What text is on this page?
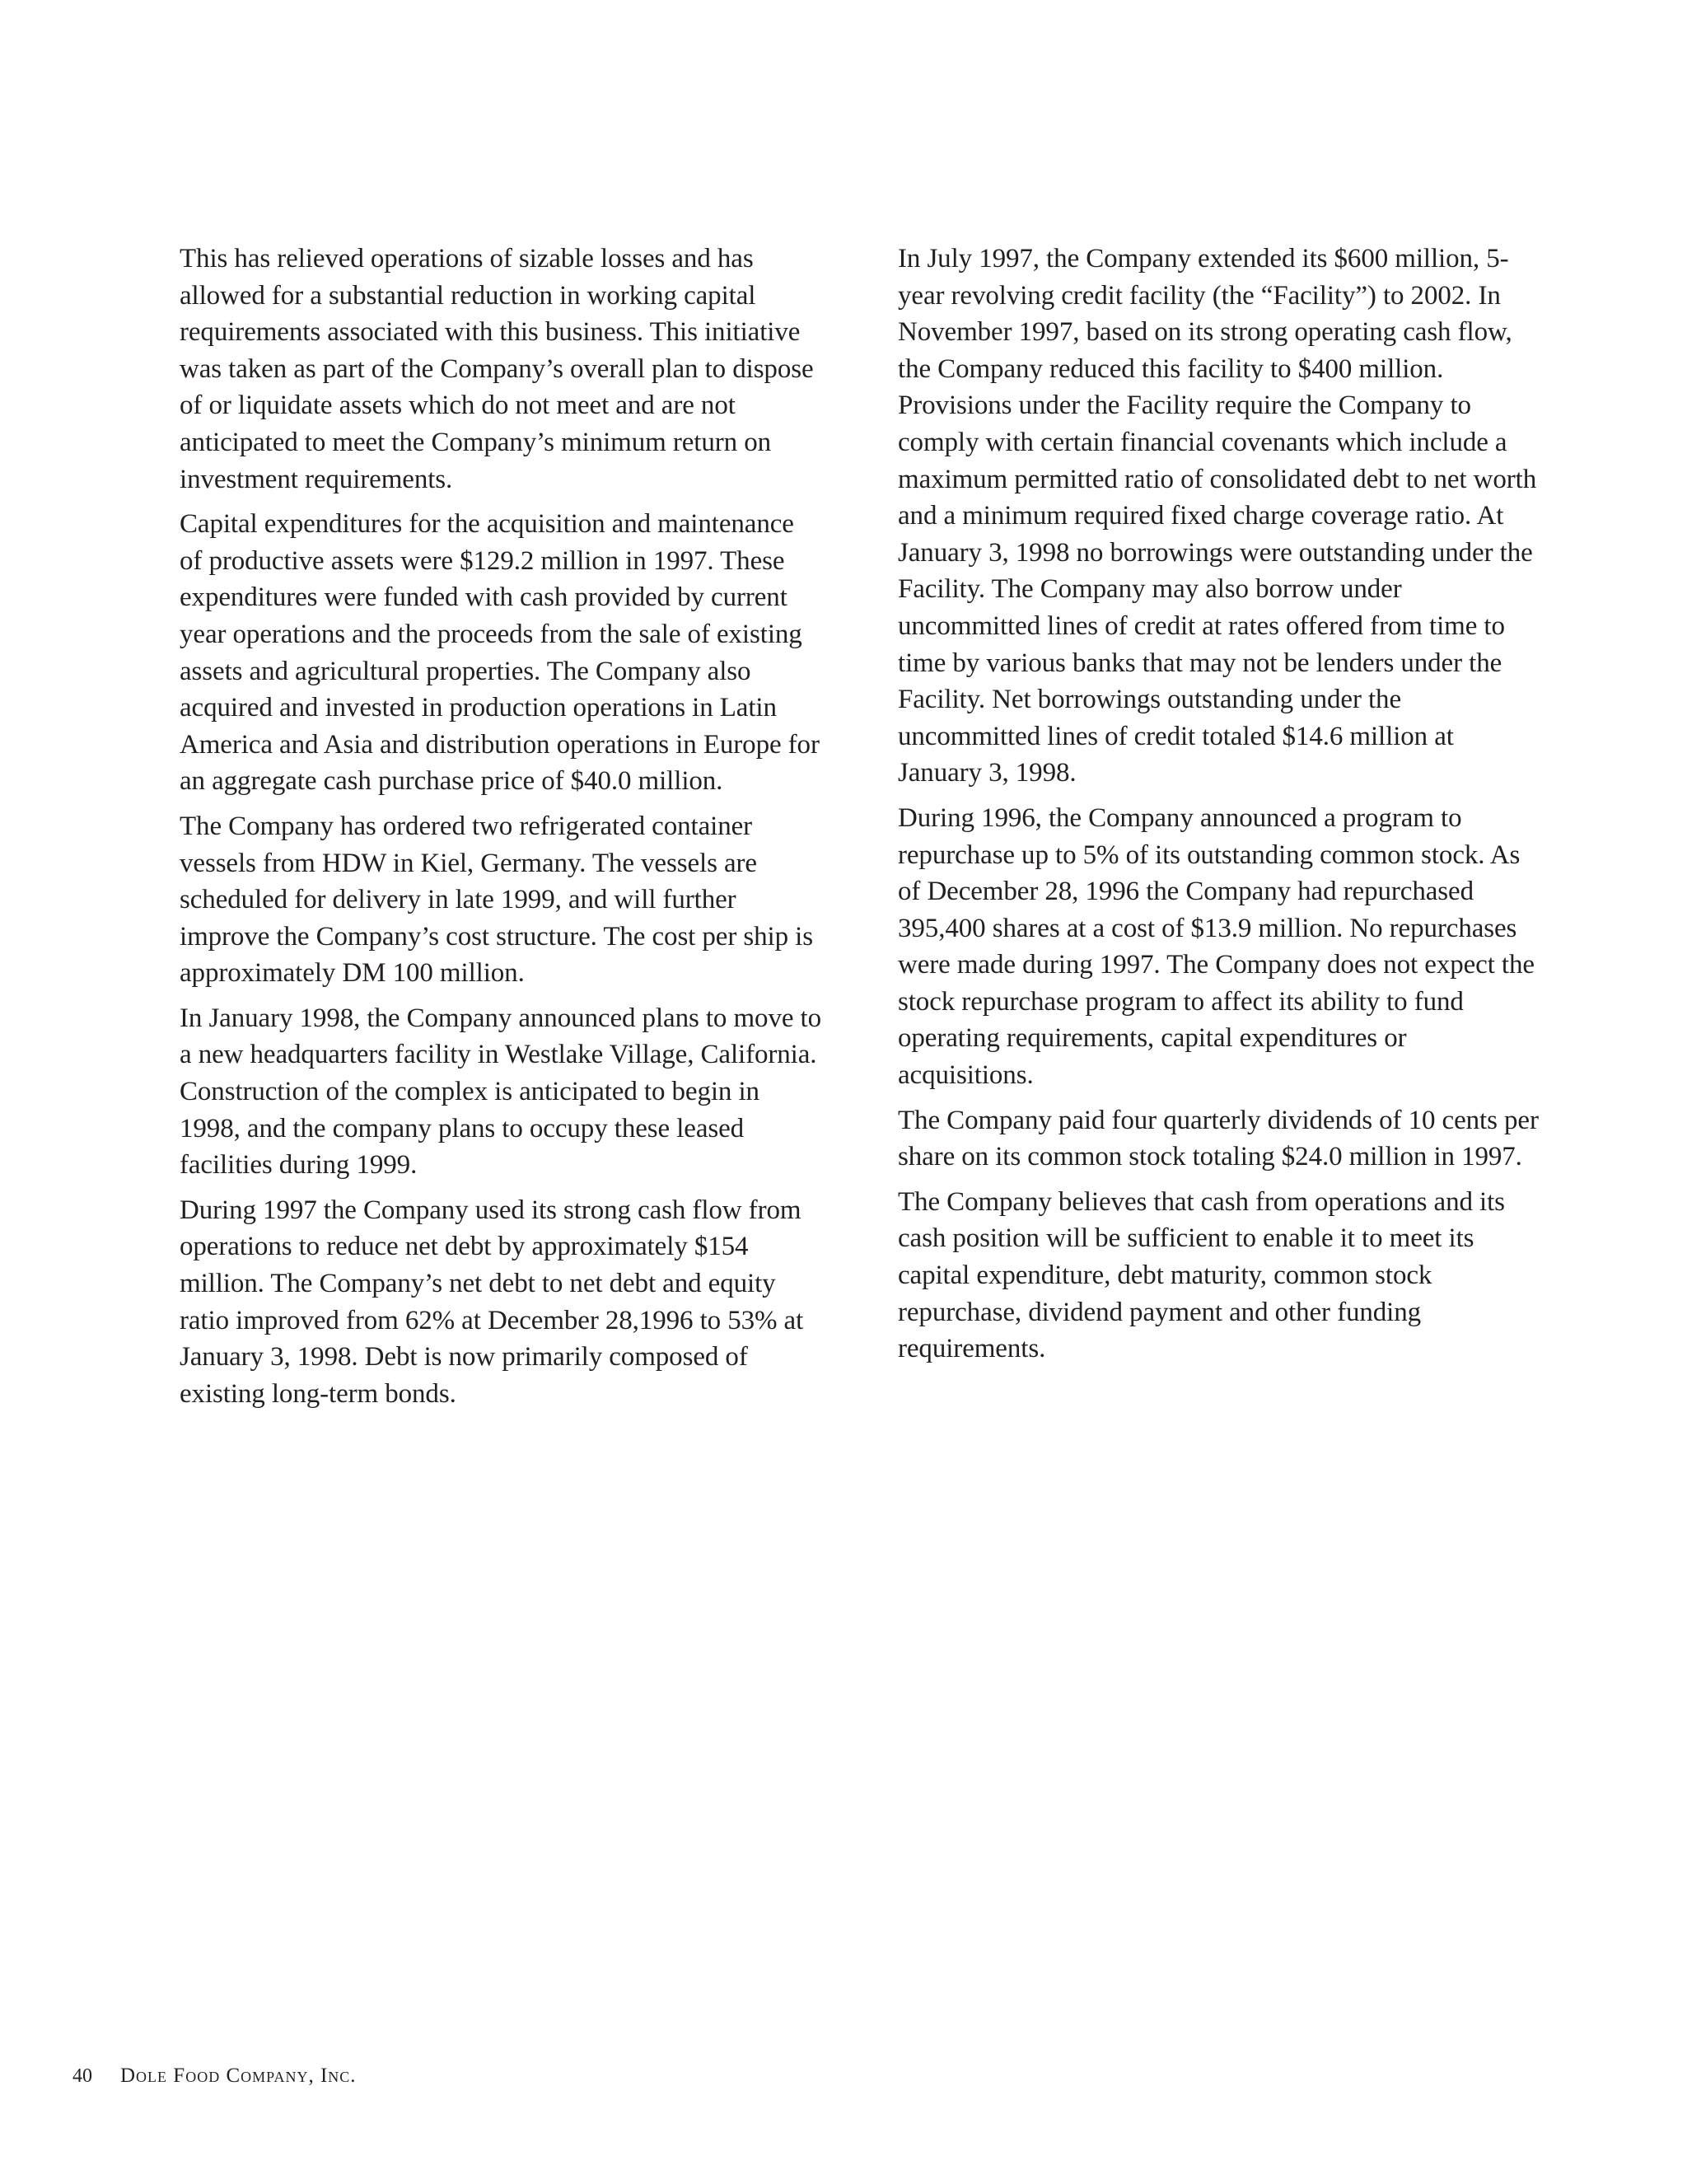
This has relieved operations of sizable losses and has allowed for a substantial reduction in working capital requirements associated with this business. This initiative was taken as part of the Company’s overall plan to dispose of or liquidate assets which do not meet and are not anticipated to meet the Company’s minimum return on investment requirements.

Capital expenditures for the acquisition and maintenance of productive assets were $129.2 million in 1997. These expenditures were funded with cash provided by current year operations and the proceeds from the sale of existing assets and agricultural properties. The Company also acquired and invested in production operations in Latin America and Asia and distribution operations in Europe for an aggregate cash purchase price of $40.0 million.

The Company has ordered two refrigerated container vessels from HDW in Kiel, Germany. The vessels are scheduled for delivery in late 1999, and will further improve the Company’s cost structure. The cost per ship is approximately DM 100 million.

In January 1998, the Company announced plans to move to a new headquarters facility in Westlake Village, California. Construction of the complex is anticipated to begin in 1998, and the company plans to occupy these leased facilities during 1999.

During 1997 the Company used its strong cash flow from operations to reduce net debt by approximately $154 million. The Company’s net debt to net debt and equity ratio improved from 62% at December 28,1996 to 53% at January 3, 1998. Debt is now primarily composed of existing long-term bonds.

In July 1997, the Company extended its $600 million, 5-year revolving credit facility (the “Facility”) to 2002. In November 1997, based on its strong operating cash flow, the Company reduced this facility to $400 million. Provisions under the Facility require the Company to comply with certain financial covenants which include a maximum permitted ratio of consolidated debt to net worth and a minimum required fixed charge coverage ratio. At January 3, 1998 no borrowings were outstanding under the Facility. The Company may also borrow under uncommitted lines of credit at rates offered from time to time by various banks that may not be lenders under the Facility. Net borrowings outstanding under the uncommitted lines of credit totaled $14.6 million at January 3, 1998.

During 1996, the Company announced a program to repurchase up to 5% of its outstanding common stock. As of December 28, 1996 the Company had repurchased 395,400 shares at a cost of $13.9 million. No repurchases were made during 1997. The Company does not expect the stock repurchase program to affect its ability to fund operating requirements, capital expenditures or acquisitions.

The Company paid four quarterly dividends of 10 cents per share on its common stock totaling $24.0 million in 1997.

The Company believes that cash from operations and its cash position will be sufficient to enable it to meet its capital expenditure, debt maturity, common stock repurchase, dividend payment and other funding requirements.

40 Dole Food Company, Inc.
